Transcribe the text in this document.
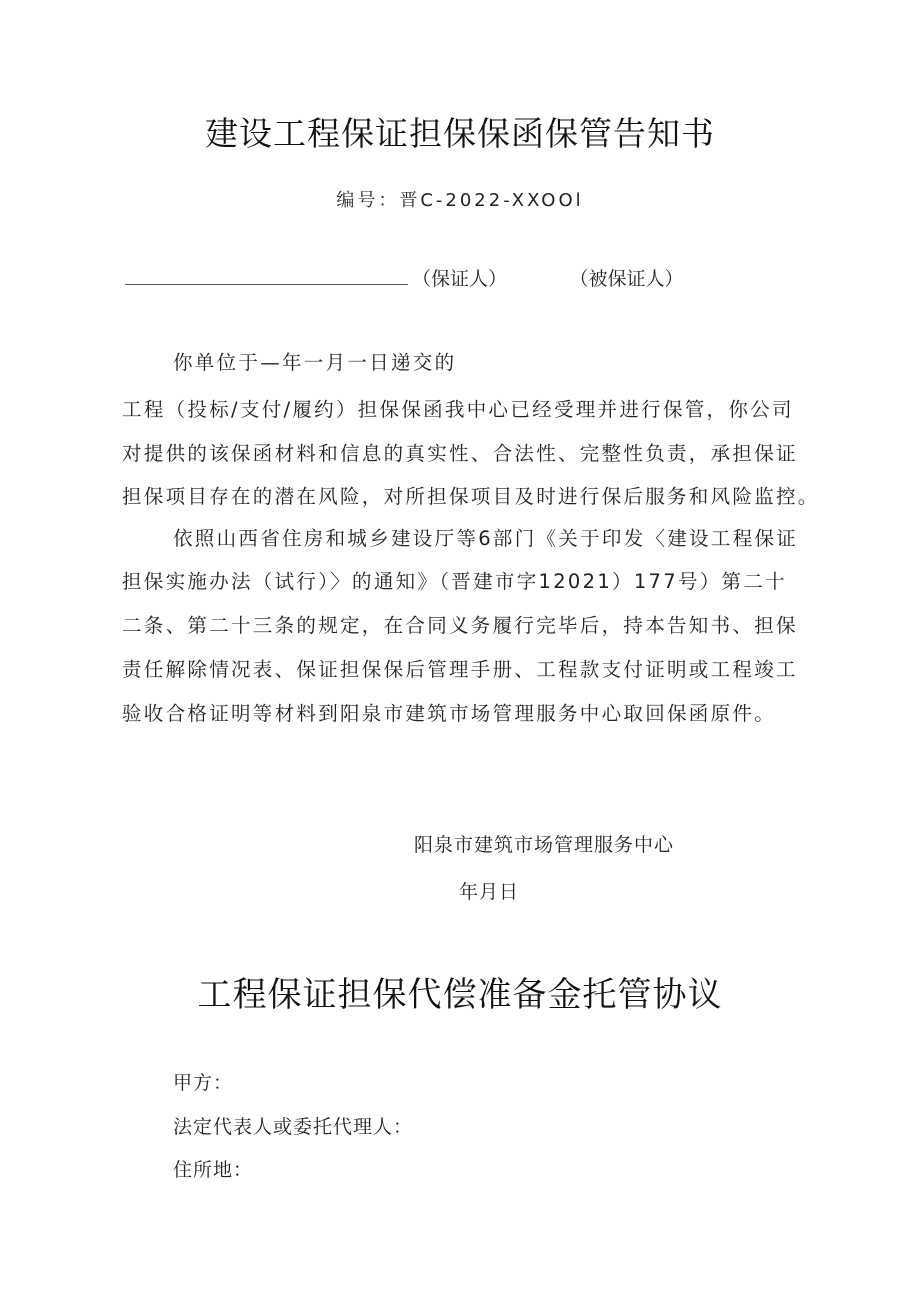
建设工程保证担保保函保管告知书
编号：晋C-2022-XXOOl
（保证人）	（被保证人）
你单位于—年一月一日递交的
工程（投标/支付/履约）担保保函我中心已经受理并进行保管，你公司
对提供的该保函材料和信息的真实性、合法性、完整性负责，承担保证
担保项目存在的潜在风险，对所担保项目及时进行保后服务和风险监控。
依照山西省住房和城乡建设厅等6部门《关于印发〈建设工程保证
担保实施办法（试行）〉的通知》（晋建市字12021）177号）第二十
二条、第二十三条的规定，在合同义务履行完毕后，持本告知书、担保
责任解除情况表、保证担保保后管理手册、工程款支付证明或工程竣工
验收合格证明等材料到阳泉市建筑市场管理服务中心取回保函原件。
阳泉市建筑市场管理服务中心
年月日
工程保证担保代偿准备金托管协议
甲方：
法定代表人或委托代理人：
住所地：
